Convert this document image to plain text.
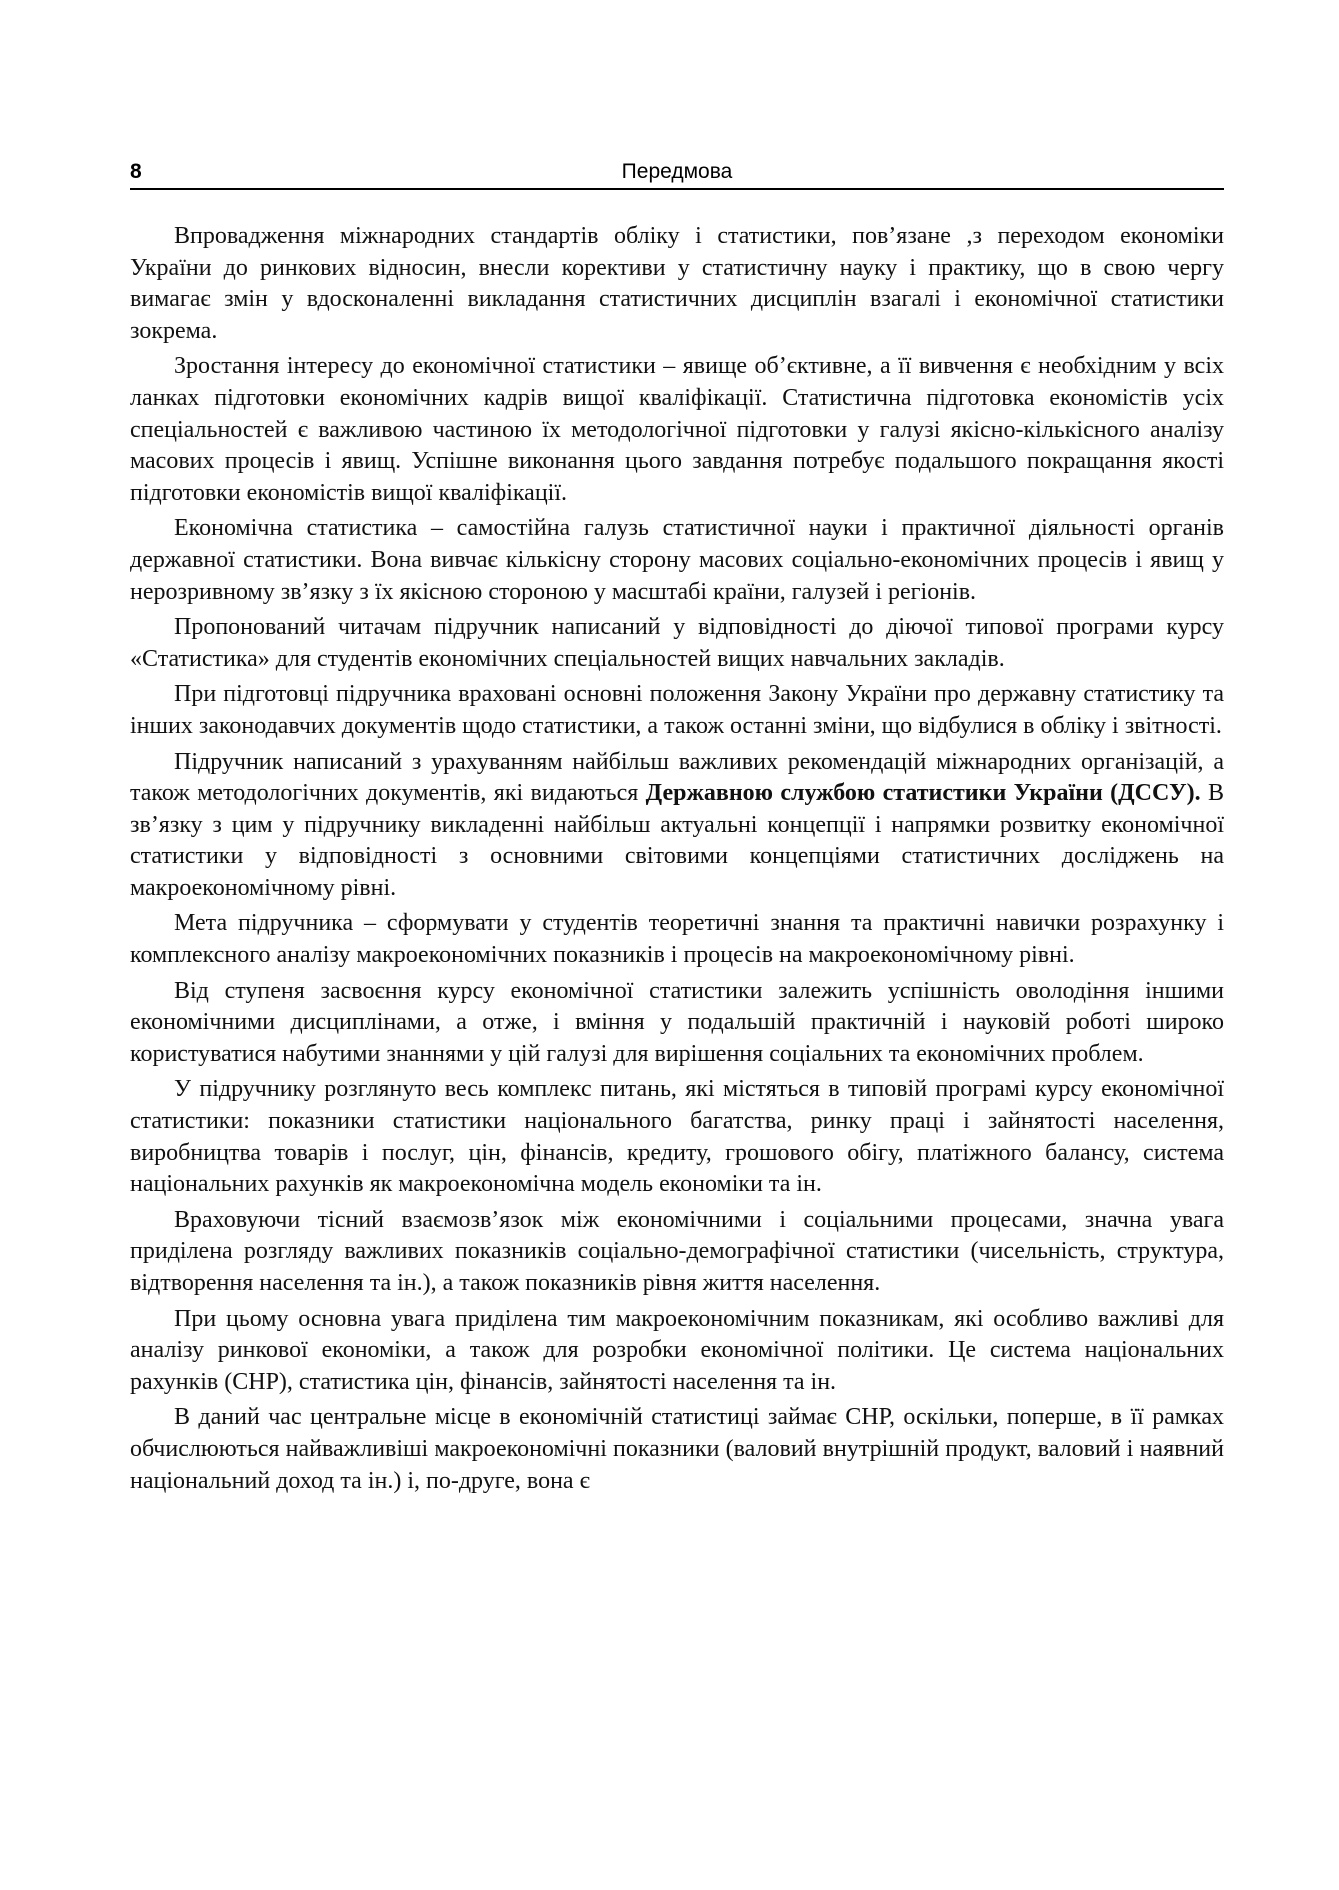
8	Передмова

Впровадження міжнародних стандартів обліку і статистики, пов’язане ,з переходом економіки України до ринкових відносин, внесли корективи у статистичну науку і практику, що в свою чергу вимагає змін у вдосконаленні викладання статистичних дисциплін взагалі і економічної статистики зокрема.

Зростання інтересу до економічної статистики – явище об’єктивне, а її вивчення є необхідним у всіх ланках підготовки економічних кадрів вищої кваліфікації. Статистична підготовка економістів усіх спеціальностей є важливою частиною їх методологічної підготовки у галузі якісно-кількісного аналізу масових процесів і явищ. Успішне виконання цього завдання потребує подальшого покращання якості підготовки економістів вищої кваліфікації.

Економічна статистика – самостійна галузь статистичної науки і практичної діяльності органів державної статистики. Вона вивчає кількісну сторону масових соціально-економічних процесів і явищ у нерозривному зв’язку з їх якісною стороною у масштабі країни, галузей і регіонів.

Пропонований читачам підручник написаний у відповідності до діючої типової програми курсу «Статистика» для студентів економічних спеціальностей вищих навчальних закладів.

При підготовці підручника враховані основні положення Закону України про державну статистику та інших законодавчих документів щодо статистики, а також останні зміни, що відбулися в обліку і звітності.

Підручник написаний з урахуванням найбільш важливих рекомендацій міжнародних організацій, а також методологічних документів, які видаються Державною службою статистики України (ДССУ). В зв’язку з цим у підручнику викладенні найбільш актуальні концепції і напрямки розвитку економічної статистики у відповідності з основними світовими концепціями статистичних досліджень на макроекономічному рівні.

Мета підручника – сформувати у студентів теоретичні знання та практичні навички розрахунку і комплексного аналізу макроекономічних показників і процесів на макроекономічному рівні.

Від ступеня засвоєння курсу економічної статистики залежить успішність оволодіння іншими економічними дисциплінами, а отже, і вміння у подальшій практичній і науковій роботі широко користуватися набутими знаннями у цій галузі для вирішення соціальних та економічних проблем.

У підручнику розглянуто весь комплекс питань, які містяться в типовій програмі курсу економічної статистики: показники статистики національного багатства, ринку праці і зайнятості населення, виробництва товарів і послуг, цін, фінансів, кредиту, грошового обігу, платіжного балансу, система національних рахунків як макроекономічна модель економіки та ін.

Враховуючи тісний взаємозв’язок між економічними і соціальними процесами, значна увага приділена розгляду важливих показників соціально-демографічної статистики (чисельність, структура, відтворення населення та ін.), а також показників рівня життя населення.

При цьому основна увага приділена тим макроекономічним показникам, які особливо важливі для аналізу ринкової економіки, а також для розробки економічної політики. Це система національних рахунків (СНР), статистика цін, фінансів, зайнятості населення та ін.

В даний час центральне місце в економічній статистиці займає СНР, оскільки, поперше, в її рамках обчислюються найважливіші макроекономічні показники (валовий внутрішній продукт, валовий і наявний національний доход та ін.) і, по-друге, вона є
